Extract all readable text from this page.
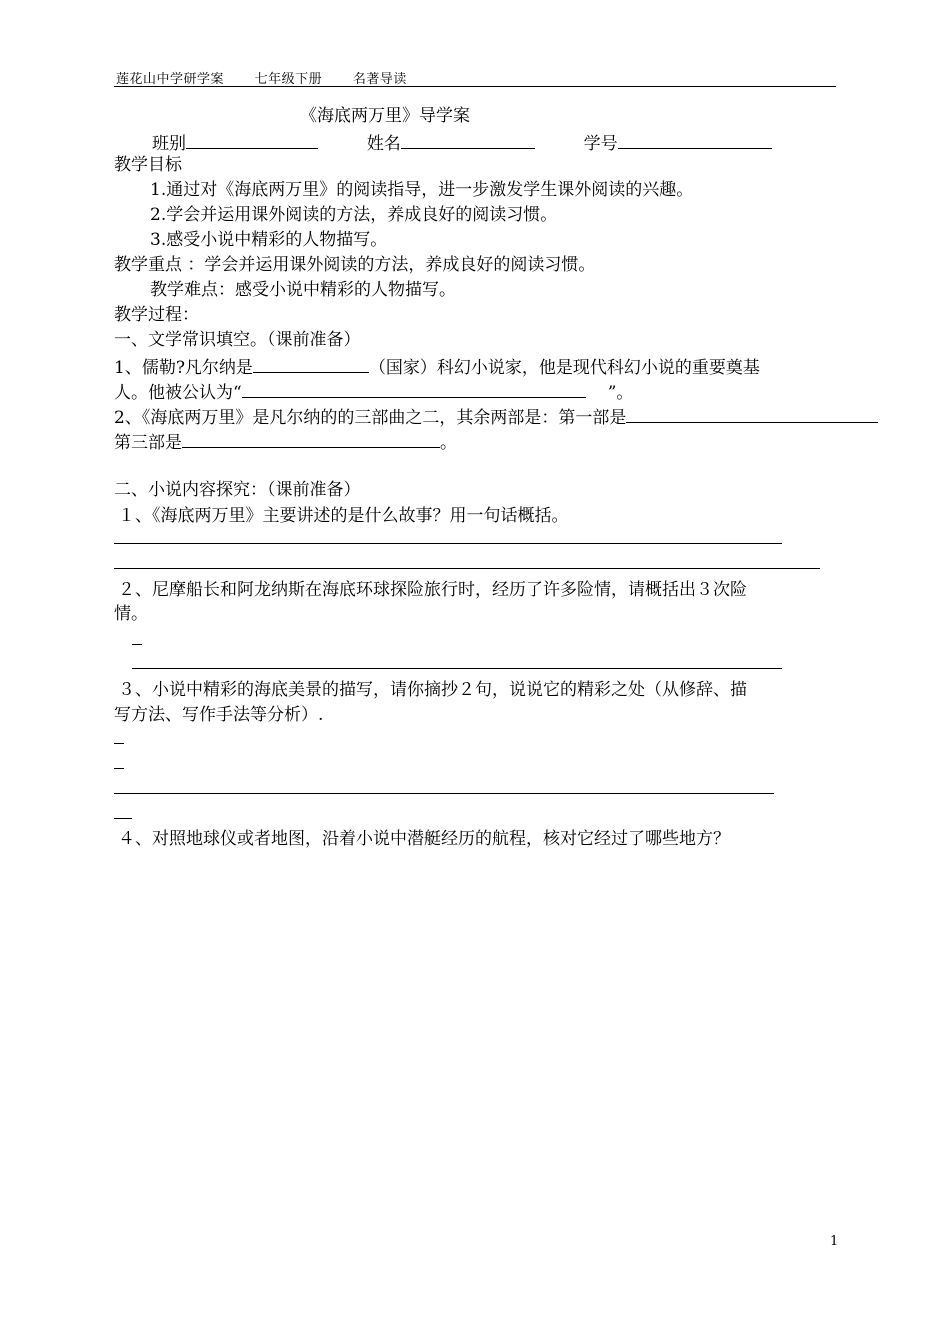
莲花山中学研学案 七年级下册 名著导读
《海底两万里》导学案
班别	姓名	学号
教学目标
1.通过对《海底两万里》的阅读指导，进一步激发学生课外阅读的兴趣。
2.学会并运用课外阅读的方法，养成良好的阅读习惯。
3.感受小说中精彩的人物描写。
教学重点 ：学会并运用课外阅读的方法，养成良好的阅读习惯。
教学难点：感受小说中精彩的人物描写。
教学过程：
一、文学常识填空。（课前准备）
1、儒勒?凡尔纳是	（国家）科幻小说家，他是现代科幻小说的重要奠基
人。他被公认为“	”。
2、《海底两万里》是凡尔纳的的三部曲之二，其余两部是：第一部是
第三部是	。
二、小说内容探究：（课前准备）
１、《海底两万里》主要讲述的是什么故事？用一句话概括。
２、尼摩船长和阿龙纳斯在海底环球探险旅行时，经历了许多险情，请概括出３次险
情。
３、小说中精彩的海底美景的描写，请你摘抄２句，说说它的精彩之处（从修辞、描
写方法、写作手法等分析）.
４、对照地球仪或者地图，沿着小说中潜艇经历的航程，核对它经过了哪些地方？
1
